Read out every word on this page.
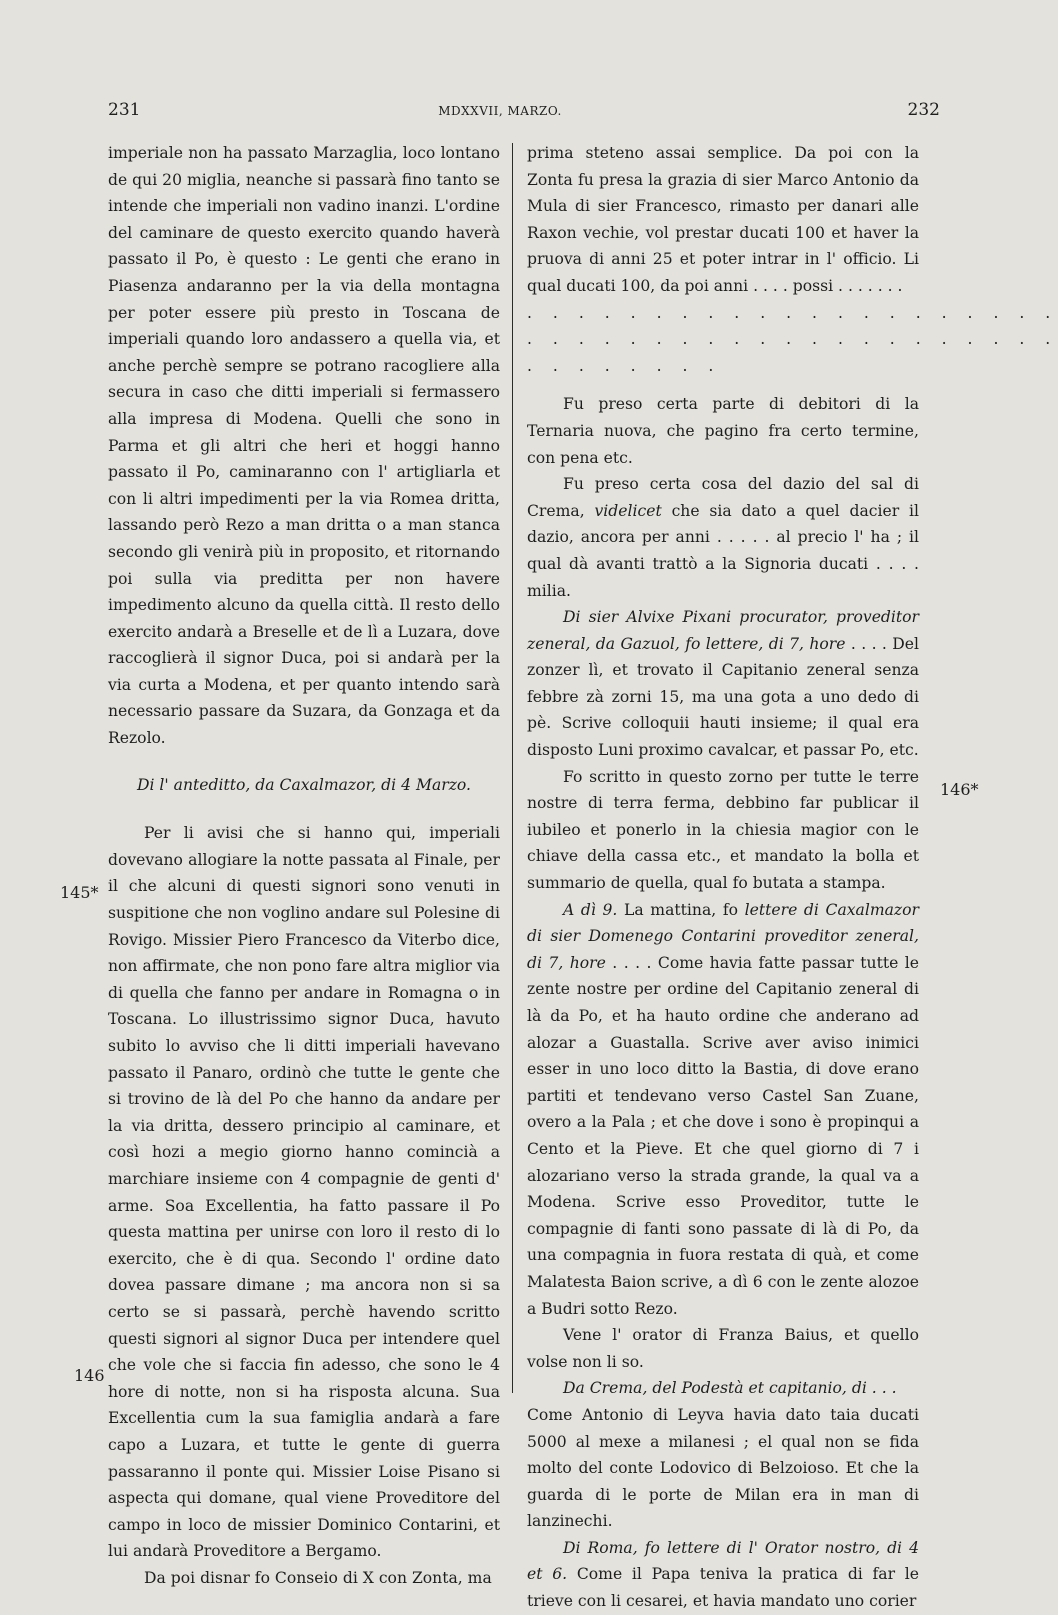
231	MDXXVII, MARZO.	232
145*
146
146*

imperiale non ha passato Marzaglia, loco lontano de qui 20 miglia, neanche si passarà fino tanto se intende che imperiali non vadino inanzi. L'ordine del caminare de questo exercito quando haverà passato il Po, è questo : Le genti che erano in Piasenza andaranno per la via della montagna per poter essere più presto in Toscana de imperiali quando loro andassero a quella via, et anche perchè sempre se potrano racogliere alla secura in caso che ditti imperiali si fermassero alla impresa di Modena. Quelli che sono in Parma et gli altri che heri et hoggi hanno passato il Po, caminaranno con l' artigliarla et con li altri impedimenti per la via Romea dritta, lassando però Rezo a man dritta o a man stanca secondo gli venirà più in proposito, et ritornando poi sulla via preditta per non havere impedimento alcuno da quella città. Il resto dello exercito andarà a Breselle et de lì a Luzara, dove raccoglierà il signor Duca, poi si andarà per la via curta a Modena, et per quanto intendo sarà necessario passare da Suzara, da Gonzaga et da Rezolo.

Di l' anteditto, da Caxalmazor, di 4 Marzo.

Per li avisi che si hanno qui, imperiali dovevano allogiare la notte passata al Finale, per il che alcuni di questi signori sono venuti in suspitione che non voglino andare sul Polesine di Rovigo. Missier Piero Francesco da Viterbo dice, non affirmate, che non pono fare altra miglior via di quella che fanno per andare in Romagna o in Toscana. Lo illustrissimo signor Duca, havuto subito lo avviso che li ditti imperiali havevano passato il Panaro, ordinò che tutte le gente che si trovino de là del Po che hanno da andare per la via dritta, dessero principio al caminare, et così hozi a megio giorno hanno comincià a marchiare insieme con 4 compagnie de genti d' arme. Soa Excellentia, ha fatto passare il Po questa mattina per unirse con loro il resto di lo exercito, che è di qua. Secondo l' ordine dato dovea passare dimane ; ma ancora non si sa certo se si passarà, perchè havendo scritto questi signori al signor Duca per intendere quel che vole che si faccia fin adesso, che sono le 4 hore di notte, non si ha risposta alcuna. Sua Excellentia cum la sua famiglia andarà a fare capo a Luzara, et tutte le gente di guerra passaranno il ponte qui. Missier Loise Pisano si aspecta qui domane, qual viene Proveditore del campo in loco de missier Dominico Contarini, et lui andarà Proveditore a Bergamo.

Da poi disnar fo Conseio di X con Zonta, ma

prima steteno assai semplice. Da poi con la Zonta fu presa la grazia di sier Marco Antonio da Mula di sier Francesco, rimasto per danari alle Raxon vechie, vol prestar ducati 100 et haver la pruova di anni 25 et poter intrar in l' officio. Li qual ducati 100, da poi anni . . . . possi . . . . . . .

. . . . . . . . . . . . . . . . . . . . .

. . . . . . . . . . . . . . . . . . . . .

. . . . . . . .

Fu preso certa parte di debitori di la Ternaria nuova, che pagino fra certo termine, con pena etc.

Fu preso certa cosa del dazio del sal di Crema, videlicet che sia dato a quel dacier il dazio, ancora per anni . . . . . al precio l' ha ; il qual dà avanti trattò a la Signoria ducati . . . . milia.

Di sier Alvixe Pixani procurator, proveditor zeneral, da Gazuol, fo lettere, di 7, hore . . . . Del zonzer lì, et trovato il Capitanio zeneral senza febbre zà zorni 15, ma una gota a uno dedo di pè. Scrive colloquii hauti insieme; il qual era disposto Luni proximo cavalcar, et passar Po, etc.

Fo scritto in questo zorno per tutte le terre nostre di terra ferma, debbino far publicar il iubileo et ponerlo in la chiesia magior con le chiave della cassa etc., et mandato la bolla et summario de quella, qual fo butata a stampa.

A dì 9. La mattina, fo lettere di Caxalmazor di sier Domenego Contarini proveditor zeneral, di 7, hore . . . . Come havia fatte passar tutte le zente nostre per ordine del Capitanio zeneral di là da Po, et ha hauto ordine che anderano ad alozar a Guastalla. Scrive aver aviso inimici esser in uno loco ditto la Bastia, di dove erano partiti et tendevano verso Castel San Zuane, overo a la Pala ; et che dove i sono è propinqui a Cento et la Pieve. Et che quel giorno di 7 i alozariano verso la strada grande, la qual va a Modena. Scrive esso Proveditor, tutte le compagnie di fanti sono passate di là di Po, da una compagnia in fuora restata di quà, et come Malatesta Baion scrive, a dì 6 con le zente alozoe a Budri sotto Rezo.

Vene l' orator di Franza Baius, et quello volse non li so.

Da Crema, del Podestà et capitanio, di . . .

Come Antonio di Leyva havia dato taia ducati 5000 al mexe a milanesi ; el qual non se fida molto del conte Lodovico di Belzoioso. Et che la guarda di le porte de Milan era in man di lanzinechi.

Di Roma, fo lettere di l' Orator nostro, di 4 et 6. Come il Papa teniva la pratica di far le trieve con li cesarei, et havia mandato uno corier
